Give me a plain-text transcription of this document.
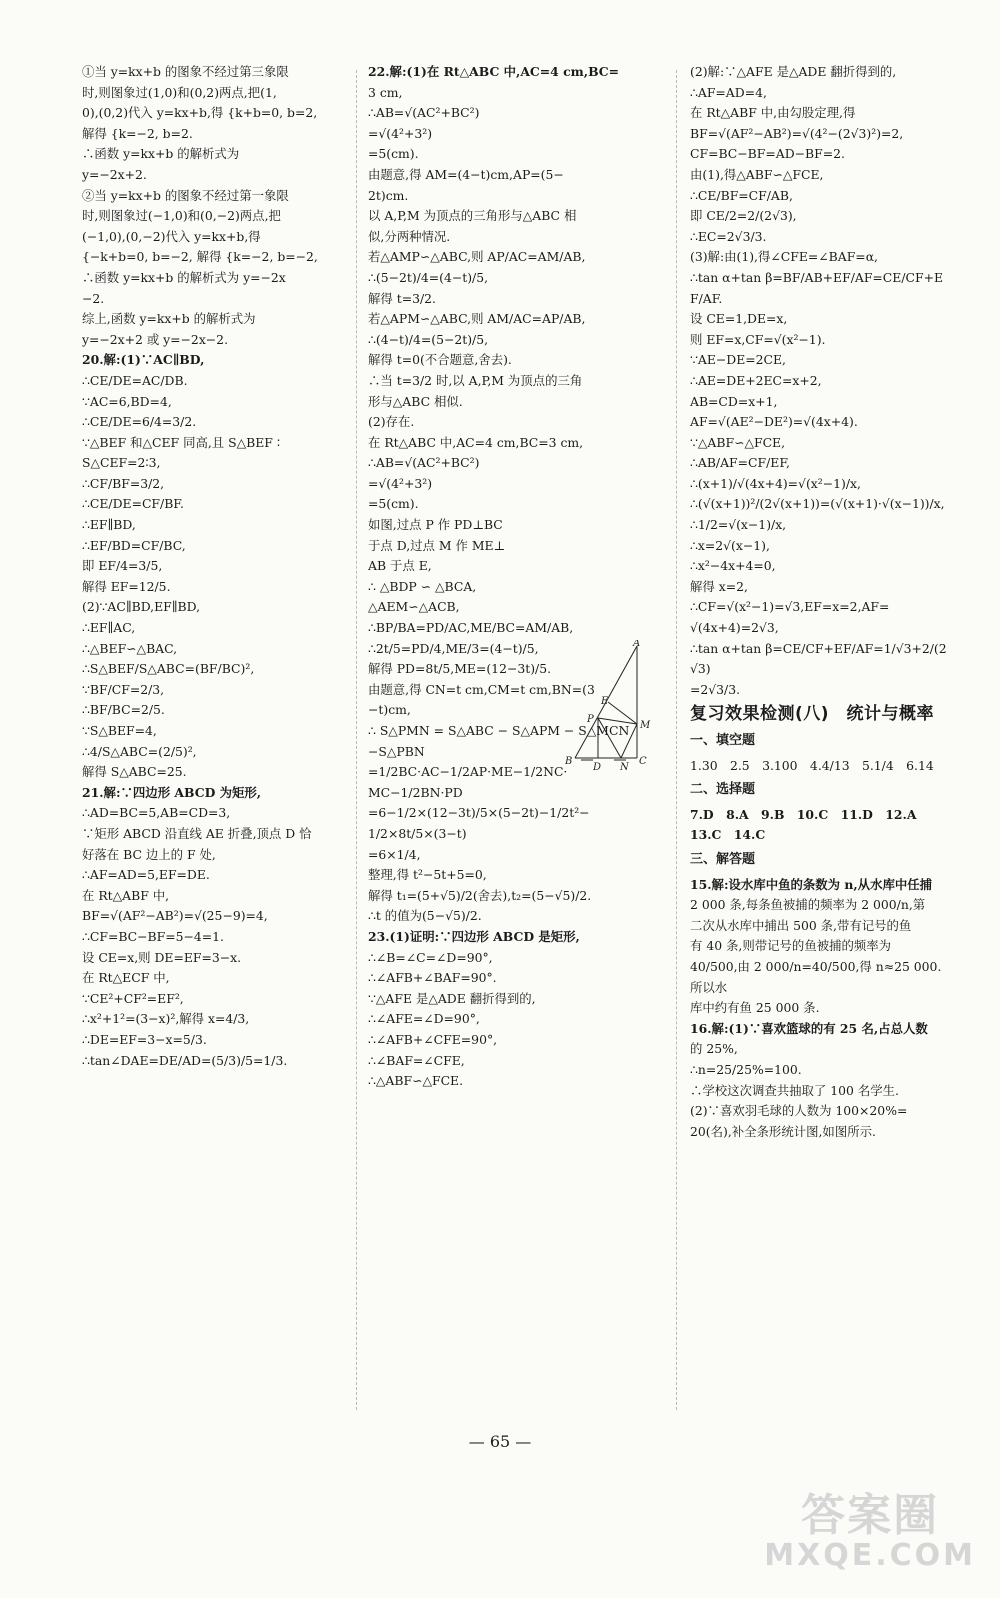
①当 y=kx+b 的图象不经过第三象限
时,则图象过(1,0)和(0,2)两点,把(1,
0),(0,2)代入 y=kx+b,得 {k+b=0, b=2,
解得 {k=−2, b=2.
∴函数 y=kx+b 的解析式为
y=−2x+2.
②当 y=kx+b 的图象不经过第一象限
时,则图象过(−1,0)和(0,−2)两点,把
(−1,0),(0,−2)代入 y=kx+b,得
{−k+b=0, b=−2, 解得 {k=−2, b=−2,
∴函数 y=kx+b 的解析式为 y=−2x
−2.
综上,函数 y=kx+b 的解析式为
y=−2x+2 或 y=−2x−2.
20.解:(1)∵AC∥BD,
∴CE/DE=AC/DB.
∵AC=6,BD=4,
∴CE/DE=6/4=3/2.
∵△BEF 和△CEF 同高,且 S△BEF ∶
S△CEF=2∶3,
∴CF/BF=3/2,
∴CE/DE=CF/BF.
∴EF∥BD,
∴EF/BD=CF/BC,
即 EF/4=3/5,
解得 EF=12/5.
(2)∵AC∥BD,EF∥BD,
∴EF∥AC,
∴△BEF∽△BAC,
∴S△BEF/S△ABC=(BF/BC)²,
∵BF/CF=2/3,
∴BF/BC=2/5.
∵S△BEF=4,
∴4/S△ABC=(2/5)²,
解得 S△ABC=25.
21.解:∵四边形 ABCD 为矩形,
∴AD=BC=5,AB=CD=3,
∵矩形 ABCD 沿直线 AE 折叠,顶点 D 恰
好落在 BC 边上的 F 处,
∴AF=AD=5,EF=DE.
在 Rt△ABF 中,
BF=√(AF²−AB²)=√(25−9)=4,
∴CF=BC−BF=5−4=1.
设 CE=x,则 DE=EF=3−x.
在 Rt△ECF 中,
∵CE²+CF²=EF²,
∴x²+1²=(3−x)²,解得 x=4/3,
∴DE=EF=3−x=5/3.
∴tan∠DAE=DE/AD=(5/3)/5=1/3.
22.解:(1)在 Rt△ABC 中,AC=4 cm,BC=
3 cm,
∴AB=√(AC²+BC²)
=√(4²+3²)
=5(cm).
由题意,得 AM=(4−t)cm,AP=(5−
2t)cm.
以 A,P,M 为顶点的三角形与△ABC 相
似,分两种情况.
若△AMP∽△ABC,则 AP/AC=AM/AB,
∴(5−2t)/4=(4−t)/5,
解得 t=3/2.
若△APM∽△ABC,则 AM/AC=AP/AB,
∴(4−t)/4=(5−2t)/5,
解得 t=0(不合题意,舍去).
∴当 t=3/2 时,以 A,P,M 为顶点的三角
形与△ABC 相似.
(2)存在.
在 Rt△ABC 中,AC=4 cm,BC=3 cm,
∴AB=√(AC²+BC²)
=√(4²+3²)
=5(cm).
如图,过点 P 作 PD⊥BC
于点 D,过点 M 作 ME⊥
AB 于点 E,
∴ △BDP ∽ △BCA,
△AEM∽△ACB,
∴BP/BA=PD/AC,ME/BC=AM/AB,
∴2t/5=PD/4,ME/3=(4−t)/5,
解得 PD=8t/5,ME=(12−3t)/5.
由题意,得 CN=t cm,CM=t cm,BN=(3
−t)cm,
∴ S△PMN = S△ABC − S△APM − S△MCN
−S△PBN
=1/2BC·AC−1/2AP·ME−1/2NC·
MC−1/2BN·PD
=6−1/2×(12−3t)/5×(5−2t)−1/2t²−
1/2×8t/5×(3−t)
=6×1/4,
整理,得 t²−5t+5=0,
解得 t₁=(5+√5)/2(舍去),t₂=(5−√5)/2.
∴t 的值为(5−√5)/2.
23.(1)证明:∵四边形 ABCD 是矩形,
∴∠B=∠C=∠D=90°,
∴∠AFB+∠BAF=90°.
∵△AFE 是△ADE 翻折得到的,
∴∠AFE=∠D=90°,
∴∠AFB+∠CFE=90°,
∴∠BAF=∠CFE,
∴△ABF∽△FCE.
(2)解:∵△AFE 是△ADE 翻折得到的,
∴AF=AD=4,
在 Rt△ABF 中,由勾股定理,得
BF=√(AF²−AB²)=√(4²−(2√3)²)=2,
CF=BC−BF=AD−BF=2.
由(1),得△ABF∽△FCE,
∴CE/BF=CF/AB,
即 CE/2=2/(2√3),
∴EC=2√3/3.
(3)解:由(1),得∠CFE=∠BAF=α,
∴tan α+tan β=BF/AB+EF/AF=CE/CF+EF/AF.
设 CE=1,DE=x,
则 EF=x,CF=√(x²−1).
∵AE−DE=2CE,
∴AE=DE+2EC=x+2,
AB=CD=x+1,
AF=√(AE²−DE²)=√(4x+4).
∵△ABF∽△FCE,
∴AB/AF=CF/EF,
∴(x+1)/√(4x+4)=√(x²−1)/x,
∴(√(x+1))²/(2√(x+1))=(√(x+1)·√(x−1))/x,
∴1/2=√(x−1)/x,
∴x=2√(x−1),
∴x²−4x+4=0,
解得 x=2,
∴CF=√(x²−1)=√3,EF=x=2,AF=
√(4x+4)=2√3,
∴tan α+tan β=CE/CF+EF/AF=1/√3+2/(2√3)
=2√3/3.
复习效果检测(八)　统计与概率
一、填空题
1.30　2.5　3.100　4.4/13　5.1/4　6.14
二、选择题
7.D　8.A　9.B　10.C　11.D　12.A
13.C　14.C
三、解答题
15.解:设水库中鱼的条数为 n,从水库中任捕
2 000 条,每条鱼被捕的频率为 2 000/n,第
二次从水库中捕出 500 条,带有记号的鱼
有 40 条,则带记号的鱼被捕的频率为
40/500,由 2 000/n=40/500,得 n≈25 000.所以水
库中约有鱼 25 000 条.
16.解:(1)∵喜欢篮球的有 25 名,占总人数
的 25%,
∴n=25/25%=100.
∴学校这次调查共抽取了 100 名学生.
(2)∵喜欢羽毛球的人数为 100×20%=
20(名),补全条形统计图,如图所示.
A
E
P
M
B
D N
C
— 65 —
答案圈
MXQE.COM
